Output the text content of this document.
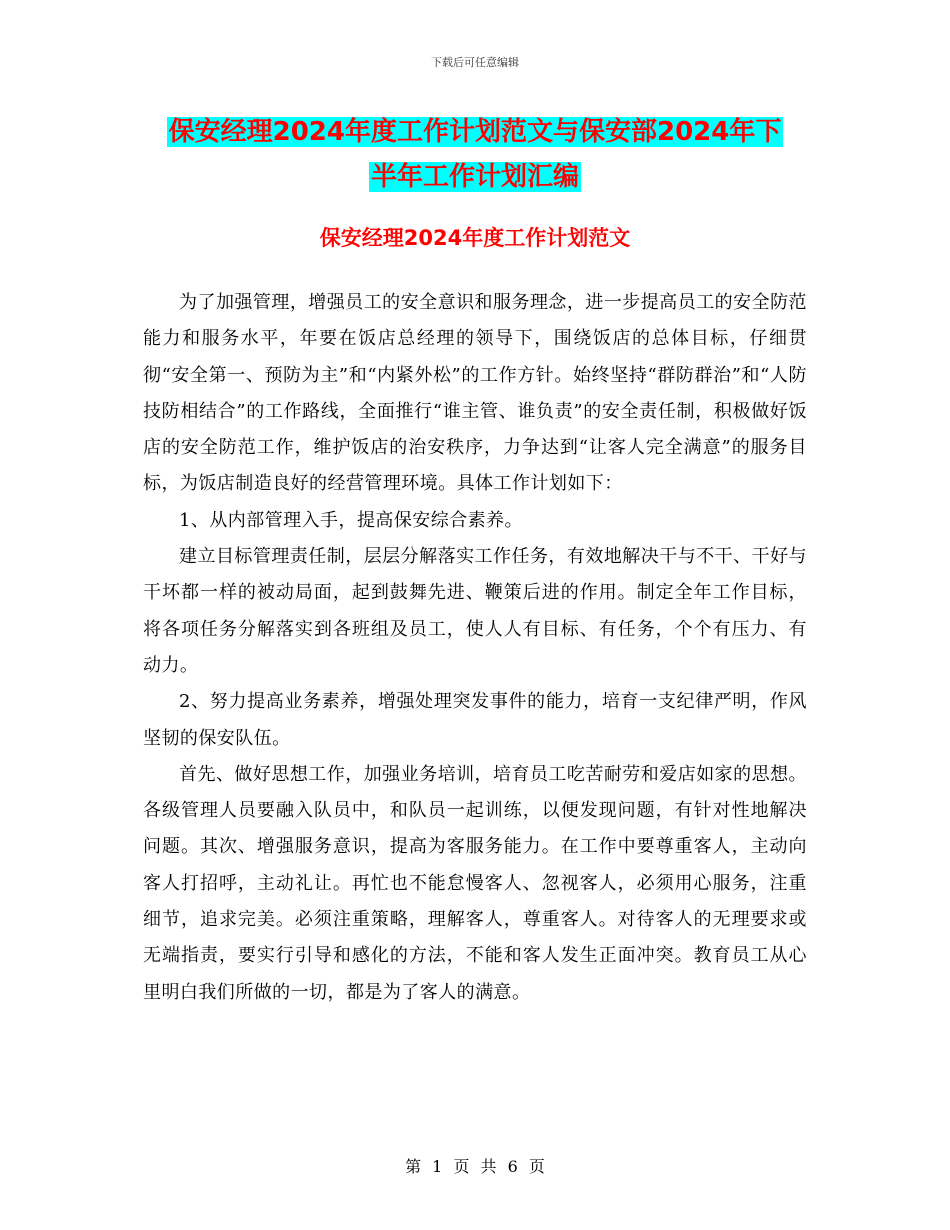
下载后可任意编辑
保安经理2024年度工作计划范文与保安部2024年下
半年工作计划汇编
保安经理2024年度工作计划范文

为了加强管理，增强员工的安全意识和服务理念，进一步提高员工的安全防范能力和服务水平，年要在饭店总经理的领导下，围绕饭店的总体目标，仔细贯彻“安全第一、预防为主”和“内紧外松”的工作方针。始终坚持“群防群治”和“人防技防相结合”的工作路线，全面推行“谁主管、谁负责”的安全责任制，积极做好饭店的安全防范工作，维护饭店的治安秩序，力争达到“让客人完全满意”的服务目标，为饭店制造良好的经营管理环境。具体工作计划如下：

1、从内部管理入手，提高保安综合素养。

建立目标管理责任制，层层分解落实工作任务，有效地解决干与不干、干好与干坏都一样的被动局面，起到鼓舞先进、鞭策后进的作用。制定全年工作目标，将各项任务分解落实到各班组及员工，使人人有目标、有任务，个个有压力、有动力。

2、努力提高业务素养，增强处理突发事件的能力，培育一支纪律严明，作风坚韧的保安队伍。

首先、做好思想工作，加强业务培训，培育员工吃苦耐劳和爱店如家的思想。各级管理人员要融入队员中，和队员一起训练，以便发现问题，有针对性地解决问题。其次、增强服务意识，提高为客服务能力。在工作中要尊重客人，主动向客人打招呼，主动礼让。再忙也不能怠慢客人、忽视客人，必须用心服务，注重细节，追求完美。必须注重策略，理解客人，尊重客人。对待客人的无理要求或无端指责，要实行引导和感化的方法，不能和客人发生正面冲突。教育员工从心里明白我们所做的一切，都是为了客人的满意。

第 1 页 共 6 页
